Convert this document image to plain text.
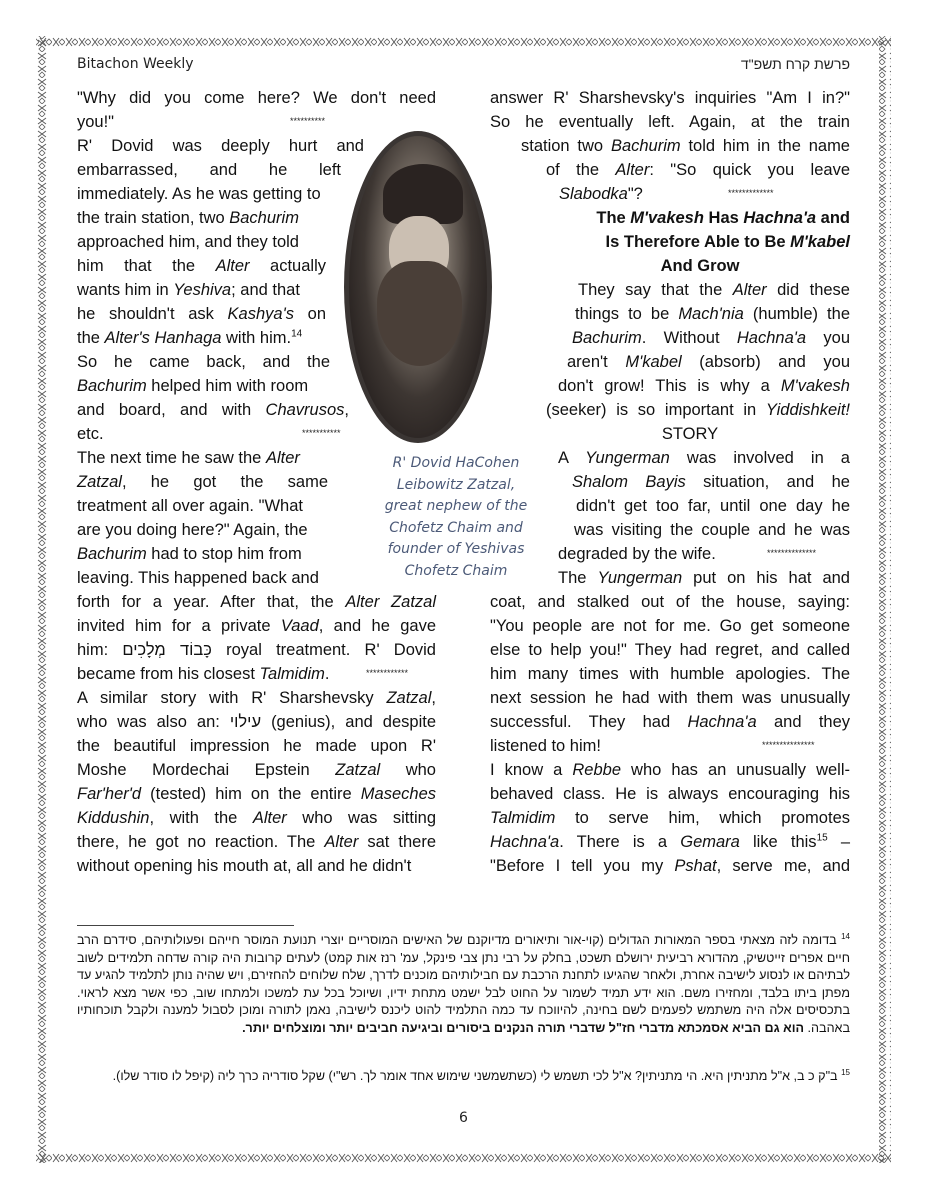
Bitachon Weekly	פרשת קרח תשפ"ד
"Why did you come here? We don't need
you!"	**********
R' Dovid was deeply hurt and
embarrassed, and he left
immediately. As he was getting to
the train station, two Bachurim
approached him, and they told
him that the Alter actually
wants him in Yeshiva; and that
he shouldn't ask Kashya's on
the Alter's Hanhaga with him.$^{14}$
So he came back, and the
Bachurim helped him with room
and board, and with Chavrusos,
etc.	***********
The next time he saw the Alter
Zatzal, he got the same
treatment all over again. "What
are you doing here?" Again, the
Bachurim had to stop him from
leaving. This happened back and
forth for a year. After that, the Alter Zatzal
invited him for a private Vaad, and he gave
him: כָּבוֹד מְלָכִים royal treatment. R' Dovid
became from his closest Talmidim.	************
A similar story with R' Sharshevsky Zatzal,
who was also an: עילוי (genius), and despite
the beautiful impression he made upon R'
Moshe Mordechai Epstein Zatzal who
Far'her'd (tested) him on the entire Maseches
Kiddushin, with the Alter who was sitting
there, he got no reaction. The Alter sat there
without opening his mouth at, all and he didn't
R' Dovid HaCohen
Leibowitz Zatzal,
great nephew of the
Chofetz Chaim and
founder of Yeshivas
Chofetz Chaim
answer R' Sharshevsky's inquiries "Am I in?"
So he eventually left. Again, at the train
station two Bachurim told him in the name
of the Alter: "So quick you leave
Slabodka"?	*************
The M'vakesh Has Hachna'a and
Is Therefore Able to Be M'kabel
And Grow
They say that the Alter did these
things to be Mach'nia (humble) the
Bachurim. Without Hachna'a you
aren't M'kabel (absorb) and you
don't grow! This is why a M'vakesh
(seeker) is so important in Yiddishkeit!
STORY
A Yungerman was involved in a
Shalom Bayis situation, and he
didn't get too far, until one day he
was visiting the couple and he was
degraded by the wife.	**************
The Yungerman put on his hat and
coat, and stalked out of the house, saying:
"You people are not for me. Go get someone
else to help you!" They had regret, and called
him many times with humble apologies. The
next session he had with them was unusually
successful. They had Hachna'a and they
listened to him!	***************
I know a Rebbe who has an unusually well-
behaved class. He is always encouraging his
Talmidim to serve him, which promotes
Hachna'a. There is a Gemara like this$^{15}$ –
"Before I tell you my Pshat, serve me, and
$^{14}$ בדומה לזה מצאתי בספר המאורות הגדולים (קוי-אור ותיאורים מדיוקנם של האישים המוסריים יוצרי תנועת המוסר חייהם ופעולותיהם, סידרם הרב חיים אפרים זייטשיק, מהדורא רביעית ירושלם תשכט, בחלק על רבי נתן צבי פינקל, עמ' רנז אות קמט) לעתים קרובות היה קורה שדחה תלמידים לשוב לבתיהם או לנסוע לישיבה אחרת, ולאחר שהגיעו לתחנת הרכבת עם חבילותיהם מוכנים לדרך, שלח שלוחים להחזירם, ויש שהיה נותן לתלמיד להגיע עד מפתן ביתו בלבד, ומחזירו משם. הוא ידע תמיד לשמור על החוט לבל ישמט מתחת ידיו, ושיוכל בכל עת למשכו ולמתחו שוב, כפי אשר מצא לראוי. בתכסיסים אלה היה משתמש לפעמים לשם בחינה, להיווכח עד כמה התלמיד להוט ליכנס לישיבה, נאמן לתורה ומוכן לסבול למענה ולקבל תוכחותיו באהבה. הוא גם הביא אסמכתא מדברי חז"ל שדברי תורה הנקנים ביסורים וביגיעה חביבים יותר ומוצלחים יותר.
$^{15}$ ב"ק כ ב, א"ל מתניתין היא. הי מתניתין? א"ל לכי תשמש לי (כשתשמשני שימוש אחד אומר לך. רש"י) שקל סודריה כרך ליה (קיפל לו סודר שלו).
6
